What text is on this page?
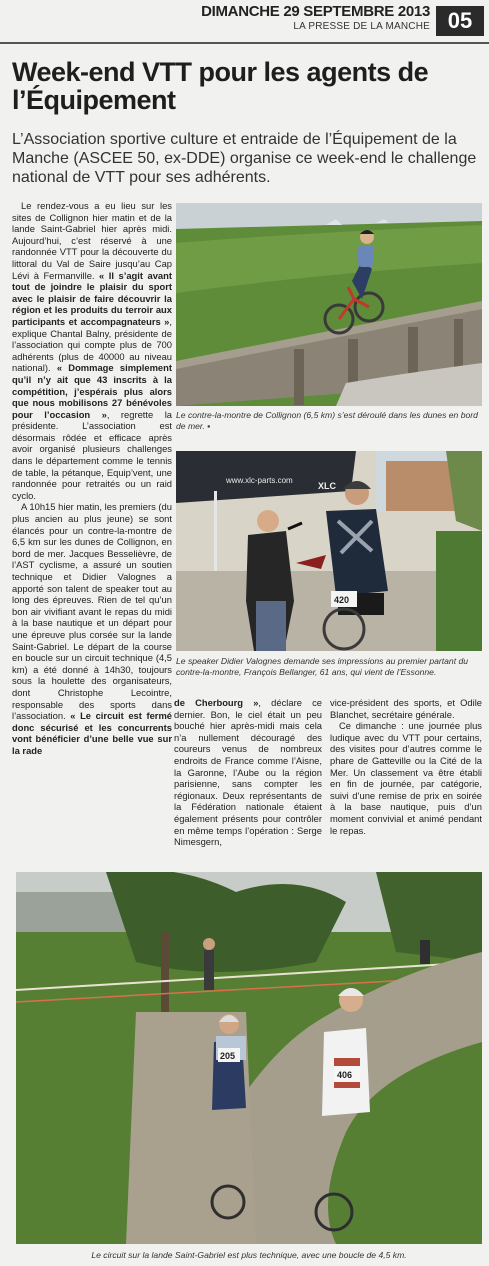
DIMANCHE 29 SEPTEMBRE 2013
LA PRESSE DE LA MANCHE 05
Week-end VTT pour les agents de l’Équipement

L’Association sportive culture et entraide de l’Équipement de la Manche (ASCEE 50, ex-DDE) organise ce week-end le challenge national de VTT pour ses adhérents.

Le rendez-vous a eu lieu sur les sites de Collignon hier matin et de la lande Saint-Gabriel hier après midi. Aujourd’hui, c’est réservé à une randonnée VTT pour la découverte du littoral du Val de Saire jusqu’au Cap Lévi à Fermanville. « Il s’agit avant tout de joindre le plaisir du sport avec le plaisir de faire découvrir la région et les produits du terroir aux participants et accompagnateurs », explique Chantal Balny, présidente de l’association qui compte plus de 700 adhérents (plus de 40000 au niveau national). « Dommage simplement qu’il n’y ait que 43 inscrits à la compétition, j’espérais plus alors que nous mobilisons 27 bénévoles pour l’occasion », regrette la présidente. L’association est désormais rôdée et efficace après avoir organisé plusieurs challenges dans le département comme le tennis de table, la pétanque, Equip’vent, une randonnée pour retraités ou un raid cyclo.

A 10h15 hier matin, les premiers (du plus ancien au plus jeune) se sont élancés pour un contre-la-montre de 6,5 km sur les dunes de Collignon, en bord de mer. Jacques Besselièvre, de l’AST cyclisme, a assuré un soutien technique et Didier Valognes a apporté son talent de speaker tout au long des épreuves. Rien de tel qu’un bon air vivifiant avant le repas du midi à la base nautique et un départ pour une épreuve plus corsée sur la lande Saint-Gabriel. Le départ de la course en boucle sur un circuit technique (4,5 km) a été donné à 14h30, toujours sous la houlette des organisateurs, dont Christophe Lecointre, responsable des sports dans l’association. « Le circuit est fermé donc sécurisé et les concurrents vont bénéficier d’une belle vue sur la rade

Le contre-la-montre de Collignon (6,5 km) s’est déroulé dans les dunes en bord de mer. ▪

www.xlc-parts.com
XLC
420

Le speaker Didier Valognes demande ses impressions au premier partant du contre-la-montre, François Bellanger, 61 ans, qui vient de l’Essonne.

de Cherbourg », déclare ce dernier. Bon, le ciel était un peu bouché hier après-midi mais cela n’a nullement découragé des coureurs venus de nombreux endroits de France comme l’Aisne, la Garonne, l’Aube ou la région parisienne, sans compter les régionaux. Deux représentants de la Fédération nationale étaient également présents pour contrôler en même temps l’opération : Serge Nimesgern,

vice-président des sports, et Odile Blanchet, secrétaire générale.

Ce dimanche : une journée plus ludique avec du VTT pour certains, des visites pour d’autres comme le phare de Gatteville ou la Cité de la Mer. Un classement va être établi en fin de journée, par catégorie, suivi d’une remise de prix en soirée à la base nautique, puis d’un moment convivial et animé pendant le repas.

205
406

Le circuit sur la lande Saint-Gabriel est plus technique, avec une boucle de 4,5 km.
